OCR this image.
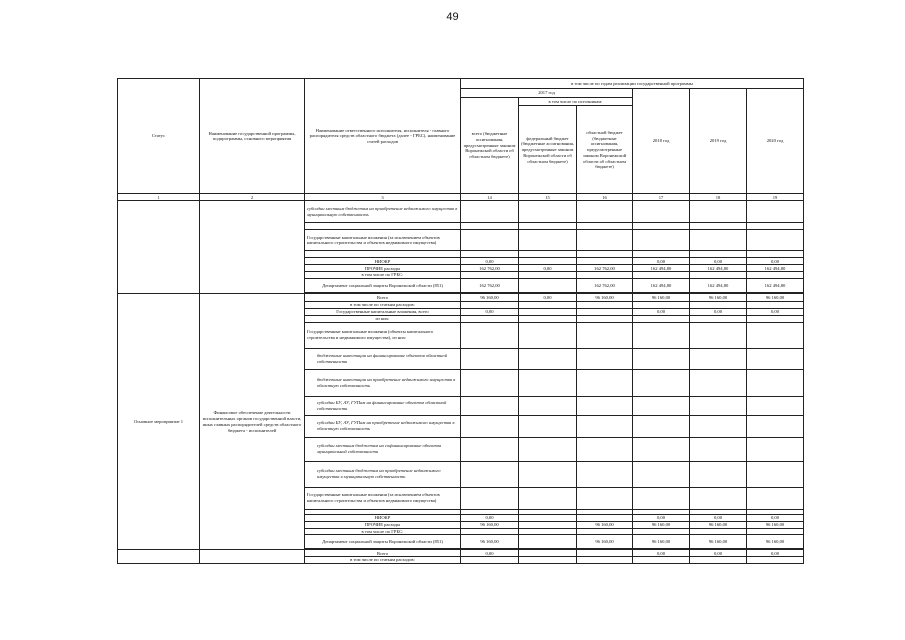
49
Статус	Наименование государственной программы, подпрограммы, основного мероприятия	Наименование ответственного исполнителя, исполнителя - главного распорядителя средств областного бюджета (далее - ГРБС), наименование статей расходов	в том числе по годам реализации государственной программы					
			2017 год			2018 год	2019 год	2020 год
			всего (бюджетные ассигнования, предусмотренные законом Воронежской области об областном бюджете)	в том числе по источникам:				
				федеральный бюджет (бюджетные ассигнования, предусмотренные законом Воронежской области об областном бюджете)	областной бюджет (бюджетные ассигнования, предусмотренные законом Воронежской области об областном бюджете)			
1	2	3	14	15	16	17	18	19
		субсидии местным бюджетам на приобретение недвижимого имущества в муниципальную собственность						

		Государственные капитальные вложения (за исключением объектов капитального строительства и объектов недвижимого имущества)						

		НИОКР	0,00			0,00	0,00	0,00
		ПРОЧИЕ расходы	162 762,00	0,00	162 762,00	162 494,80	162 494,80	162 494,80
		в том числе по ГРБС:						
		Департамент социальной защиты Воронежской области (851)	162 762,00		162 762,00	162 494,80	162 494,80	162 494,80

Основное мероприятие 1	Финансовое обеспечение деятельности исполнительных органов государственной власти, иных главных распорядителей средств областного бюджета - исполнителей	Всего	96 160,00	0,00	96 160,00	96 160,00	96 160,00	96 160,00
		в том числе по статьям расходов:						
		Государственные капитальные вложения, всего	0,00			0,00	0,00	0,00
		из них:						
		Государственные капитальные вложения (объекты капитального строительства и недвижимого имущества), из них:						
		бюджетные инвестиции на финансирование объектов областной собственности						
		бюджетные инвестиции на приобретение недвижимого имущества в областную собственность						
		субсидии БУ, АУ, ГУПам на финансирование объектов областной собственности						
		субсидии БУ, АУ, ГУПам на приобретение недвижимого имущества в областную собственность						
		субсидии местным бюджетам на софинансирование объектов муниципальной собственности						
		субсидии местным бюджетам на приобретение недвижимого имущества в муниципальную собственность						
		Государственные капитальные вложения (за исключением объектов капитального строительства и объектов недвижимого имущества)						

		НИОКР	0,00			0,00	0,00	0,00
		ПРОЧИЕ расходы	96 160,00		96 160,00	96 160,00	96 160,00	96 160,00
		в том числе по ГРБС:						
		Департамент социальной защиты Воронежской области (851)	96 160,00		96 160,00	96 160,00	96 160,00	96 160,00

		Всего	0,00			0,00	0,00	0,00
		в том числе по статьям расходов:						
